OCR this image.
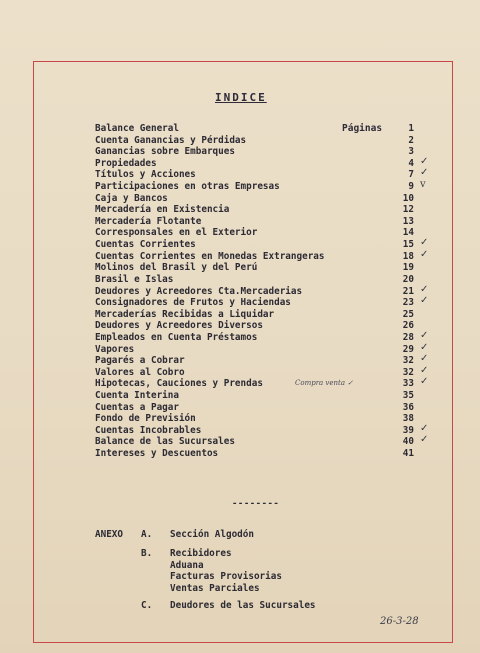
INDICE
Páginas
Balance General	1
Cuenta Ganancias y Pérdidas	2
Ganancias sobre Embarques	3
Propiedades	4 ✓
Títulos y Acciones	7 ✓
Participaciones en otras Empresas	9 v
Caja y Bancos	10
Mercadería en Existencia	12
Mercadería Flotante	13
Corresponsales en el Exterior	14
Cuentas Corrientes	15 ✓
Cuentas Corrientes en Monedas Extrangeras	18 ✓
Molinos del Brasil y del Perú	19
Brasil e Islas	20
Deudores y Acreedores Cta.Mercaderias	21 ✓
Consignadores de Frutos y Haciendas	23 ✓
Mercaderías Recibidas a Liquidar	25
Deudores y Acreedores Diversos	26
Empleados en Cuenta Préstamos	28 ✓
Vapores	29 ✓
Pagarés a Cobrar	32 ✓
Valores al Cobro	32 ✓
Hipotecas, Cauciones y Prendas	Compra venta ✓	33 ✓
Cuenta Interina	35
Cuentas a Pagar	36
Fondo de Previsión	38
Cuentas Incobrables	39 ✓
Balance de las Sucursales	40 ✓
Intereses y Descuentos	41
--------
ANEXO A. Sección Algodón
B. Recibidores
Aduana
Facturas Provisorias
Ventas Parciales
C. Deudores de las Sucursales
26-3-28
